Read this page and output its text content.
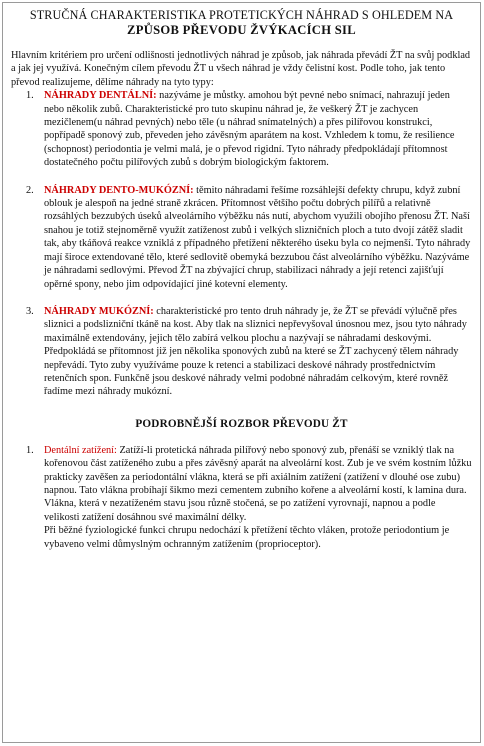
STRUČNÁ CHARAKTERISTIKA PROTETICKÝCH NÁHRAD S OHLEDEM NA
ZPŮSOB PŘEVODU ŽVÝKACÍCH SIL
Hlavním kritériem pro určení odlišnosti jednotlivých náhrad je způsob, jak náhrada převádí ŽT na svůj podklad a jak jej využívá. Konečným cílem převodu ŽT u všech náhrad je vždy čelistní kost. Podle toho, jak tento převod realizujeme, dělíme náhrady na tyto typy:
1. NÁHRADY DENTÁLNÍ: nazýváme je můstky. amohou být pevné nebo snímací, nahrazují jeden nebo několik zubů. Charakteristické pro tuto skupinu náhrad je, že veškerý ŽT je zachycen mezičlenem(u náhrad pevných) nebo těle (u náhrad snímatelných) a přes pilířovou konstrukci, popřípadě sponový zub, převeden jeho závěsným aparátem na kost. Vzhledem k tomu, že resilience (schopnost) periodontia je velmi malá, je o převod rigidní. Tyto náhrady předpokládají přítomnost dostatečného počtu pilířových zubů s dobrým biologickým faktorem.
2. NÁHRADY DENTO-MUKÓZNÍ: těmito náhradami řešíme rozsáhlejší defekty chrupu, když zubní oblouk je alespoň na jedné straně zkrácen. Přítomnost většího počtu dobrých pilířů a relativně rozsáhlých bezzubých úseků alveolárního výběžku nás nutí, abychom využili obojího přenosu ŽT. Naší snahou je totiž stejnoměrně využít zatíženost zubů i velkých slizničních ploch a tuto dvojí zátěž sladit tak, aby tkáňová reakce vzniklá z případného přetížení některého úseku byla co nejmenší. Tyto náhrady mají široce extendované tělo, které sedlovitě obemyká bezzubou část alveolárního výběžku. Nazýváme je náhradami sedlovými. Převod ŽT na zbývající chrup, stabilizaci náhrady a její retenci zajišťují opěrné spony, nebo jim odpovídající jiné kotevní elementy.
3. NÁHRADY MUKÓZNÍ: charakteristické pro tento druh náhrady je, že ŽT se převádí výlučně přes sliznici a podslizniční tkáně na kost. Aby tlak na sliznici nepřevyšoval únosnou mez, jsou tyto náhrady maximálně extendovány, jejich tělo zabírá velkou plochu a nazývají se náhradami deskovými. Předpokládá se přítomnost již jen několika sponových zubů na které se ŽT zachycený tělem náhrady nepřevádí. Tyto zuby využíváme pouze k retenci a stabilizaci deskové náhrady prostřednictvím retenčních spon. Funkčně jsou deskové náhrady velmi podobné náhradám celkovým, které rovněž řadíme mezi náhrady mukózní.
PODROBNĚJŠÍ ROZBOR PŘEVODU ŽT
1. Dentální zatížení: Zatíží-li protetická náhrada pilířový nebo sponový zub, přenáší se vzniklý tlak na kořenovou část zatíženého zubu a přes závěsný aparát na alveolární kost. Zub je ve svém kostním lůžku prakticky zavěšen za periodontální vlákna, která se při axiálním zatížení (zatížení v dlouhé ose zubu) napnou. Tato vlákna probíhají šikmo mezi cementem zubního kořene a alveolární kostí, k lamina dura. Vlákna, která v nezatíženém stavu jsou různě stočená, se po zatížení vyrovnají, napnou a podle velikosti zatížení dosáhnou své maximální délky.
Při běžné fyziologické funkci chrupu nedochází k přetížení těchto vláken, protože periodontium je vybaveno velmi důmyslným ochranným zatížením (proprioceptor).
